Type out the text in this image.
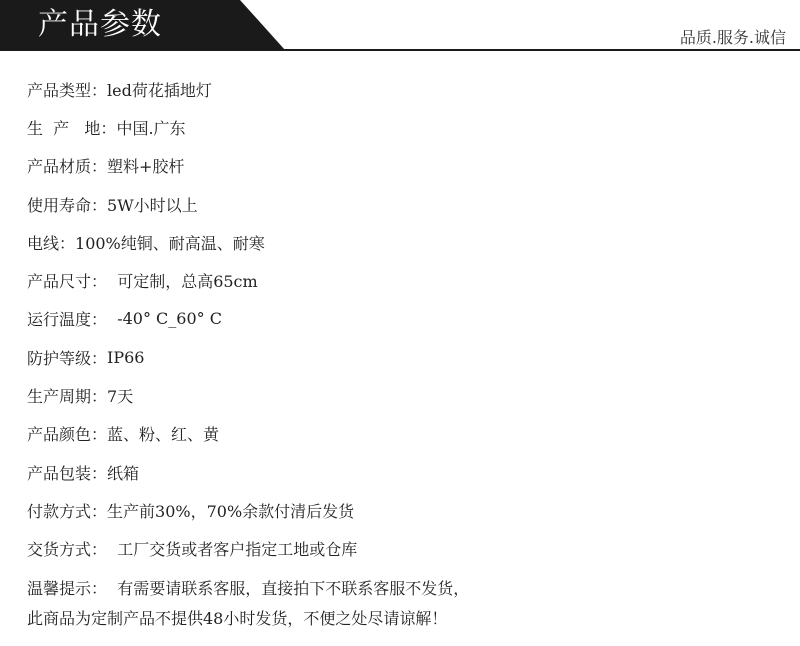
产品参数	品质.服务.诚信
产品类型： led荷花插地灯
生  产   地： 中国.广东
产品材质： 塑料+胶杆
使用寿命： 5W小时以上
电线： 100%纯铜、耐高温、耐寒
产品尺寸： 可定制，总高65cm
运行温度： -40° C_60° C
防护等级： IP66
生产周期： 7天
产品颜色： 蓝、粉、红、黄
产品包装： 纸箱
付款方式： 生产前30%，70%余款付清后发货
交货方式： 工厂交货或者客户指定工地或仓库
温馨提示： 有需要请联系客服，直接拍下不联系客服不发货，
此商品为定制产品不提供48小时发货，不便之处尽请谅解！
